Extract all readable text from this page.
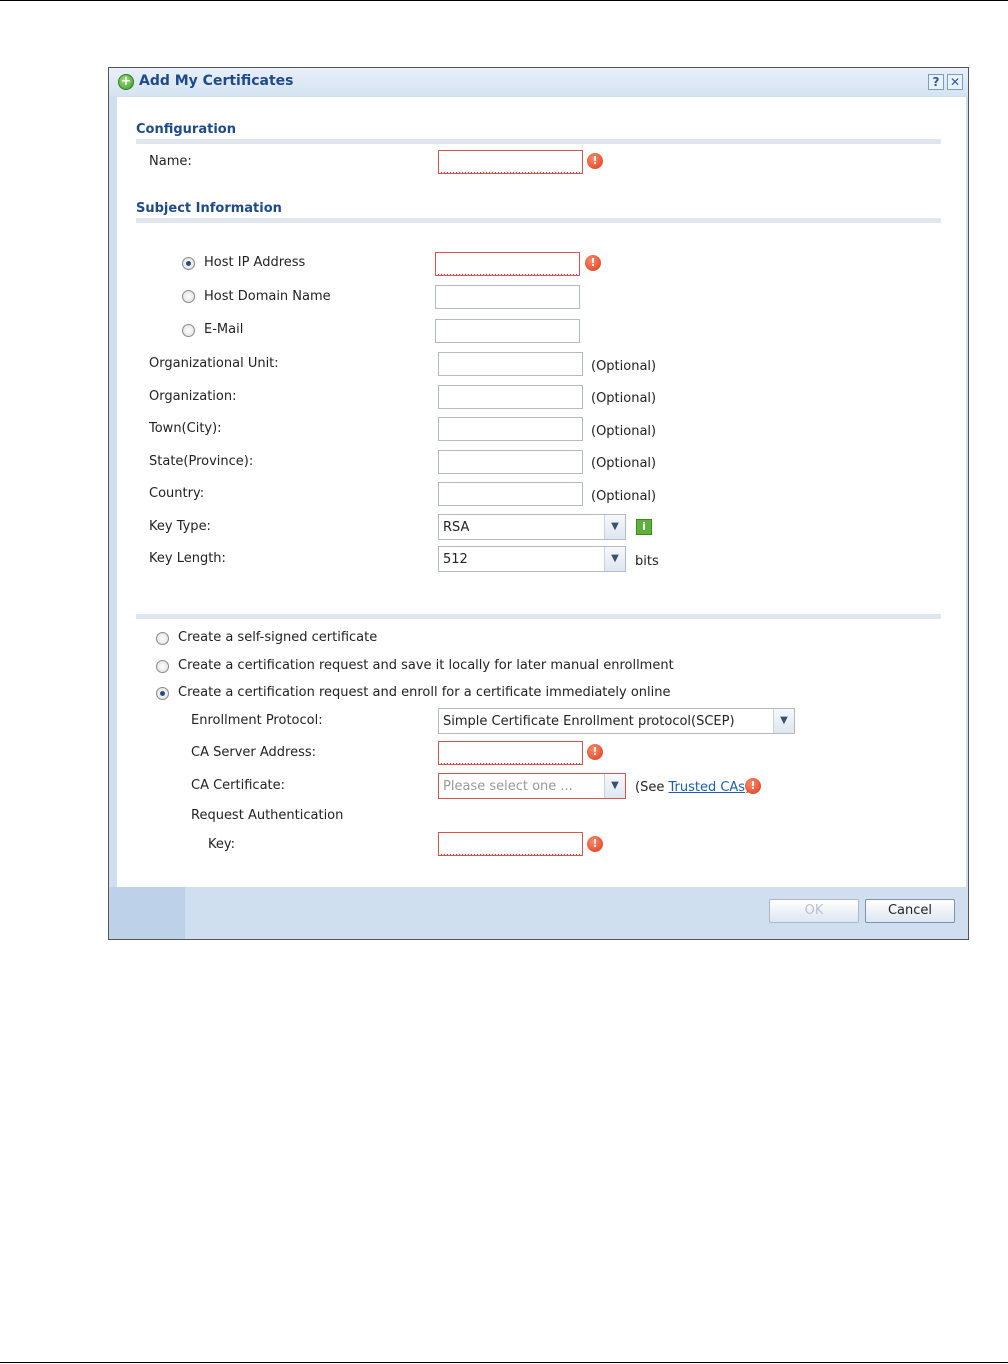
+ Add My Certificates	? ✕
Configuration
Name:	!
Subject Information
Host IP Address	!
Host Domain Name
E-Mail
Organizational Unit:	(Optional)
Organization:	(Optional)
Town(City):	(Optional)
State(Province):	(Optional)
Country:	(Optional)
Key Type:	RSA	▼	i
Key Length:	512	▼	bits
Create a self-signed certificate
Create a certification request and save it locally for later manual enrollment
Create a certification request and enroll for a certificate immediately online
Enrollment Protocol:	Simple Certificate Enrollment protocol(SCEP)	▼
CA Server Address:	!
CA Certificate:	Please select one ...	▼	(See Trusted CAs !
Request Authentication
Key:	!
OK	Cancel
